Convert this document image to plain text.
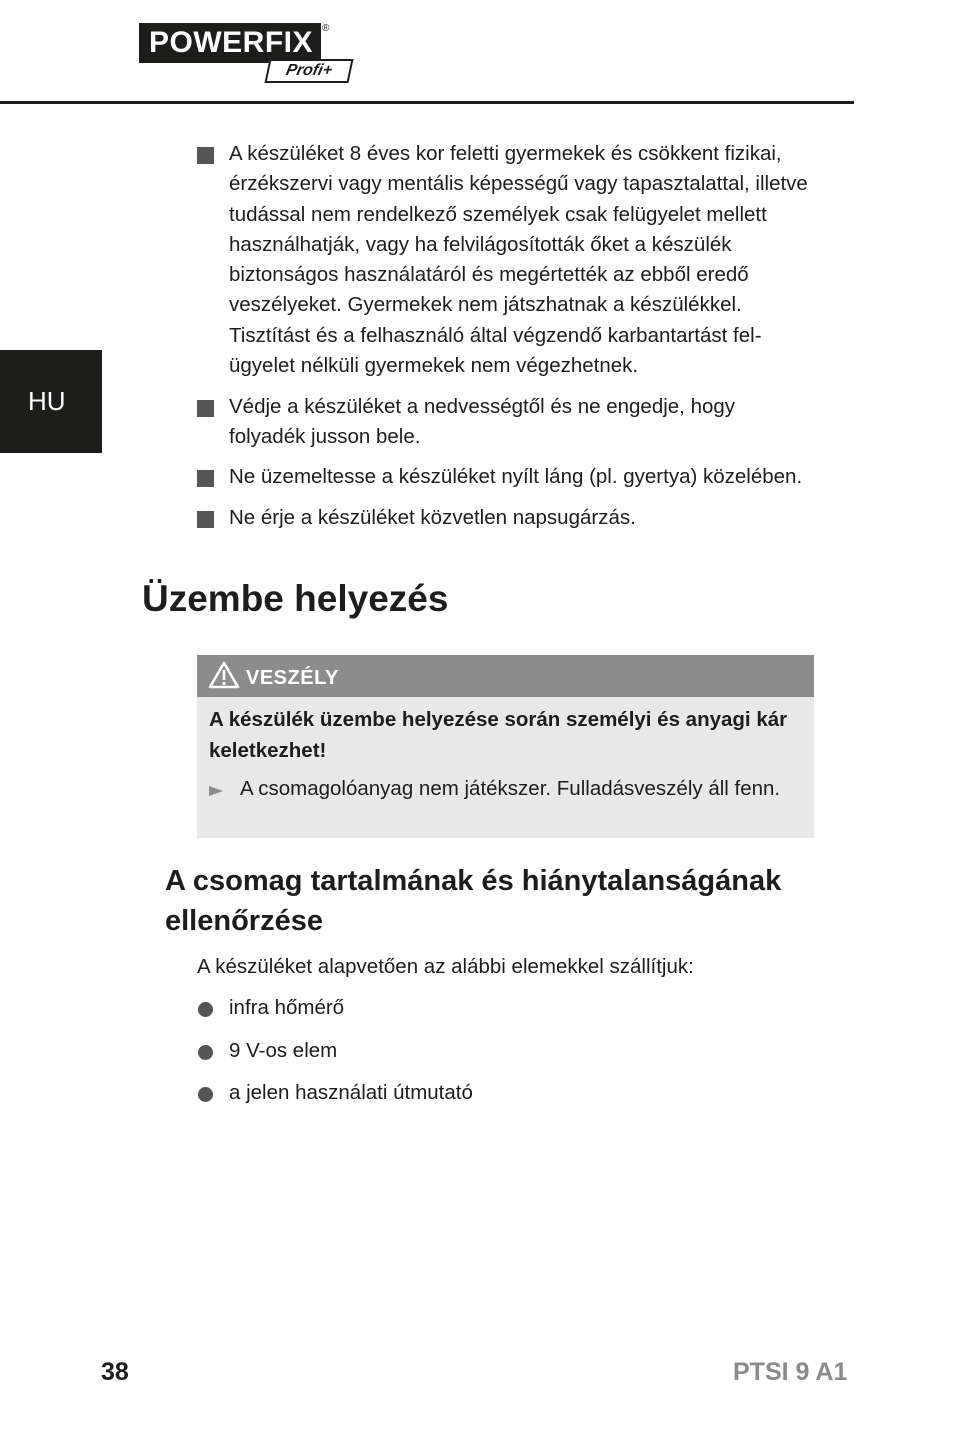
POWERFIX ®
Profi+
HU
A készüléket 8 éves kor feletti gyermekek és csökkent fizikai, érzékszervi vagy mentális képességű vagy tapasztalattal, illetve tudással nem rendelkező személyek csak felügyelet mellett használhatják, vagy ha felvilágosították őket a készülék biztonságos használatáról és megértették az ebből eredő veszélyeket. Gyermekek nem játszhatnak a készülékkel. Tisztítást és a felhasználó által végzendő karbantartást fel-ügyelet nélküli gyermekek nem végezhetnek.
Védje a készüléket a nedvességtől és ne engedje, hogy folyadék jusson bele.
Ne üzemeltesse a készüléket nyílt láng (pl. gyertya) közelében.
Ne érje a készüléket közvetlen napsugárzás.
Üzembe helyezés
VESZÉLY
A készülék üzembe helyezése során személyi és anyagi kár keletkezhet!
A csomagolóanyag nem játékszer. Fulladásveszély áll fenn.
A csomag tartalmának és hiánytalanságának ellenőrzése
A készüléket alapvetően az alábbi elemekkel szállítjuk:
infra hőmérő
9 V-os elem
a jelen használati útmutató
38	PTSI 9 A1
